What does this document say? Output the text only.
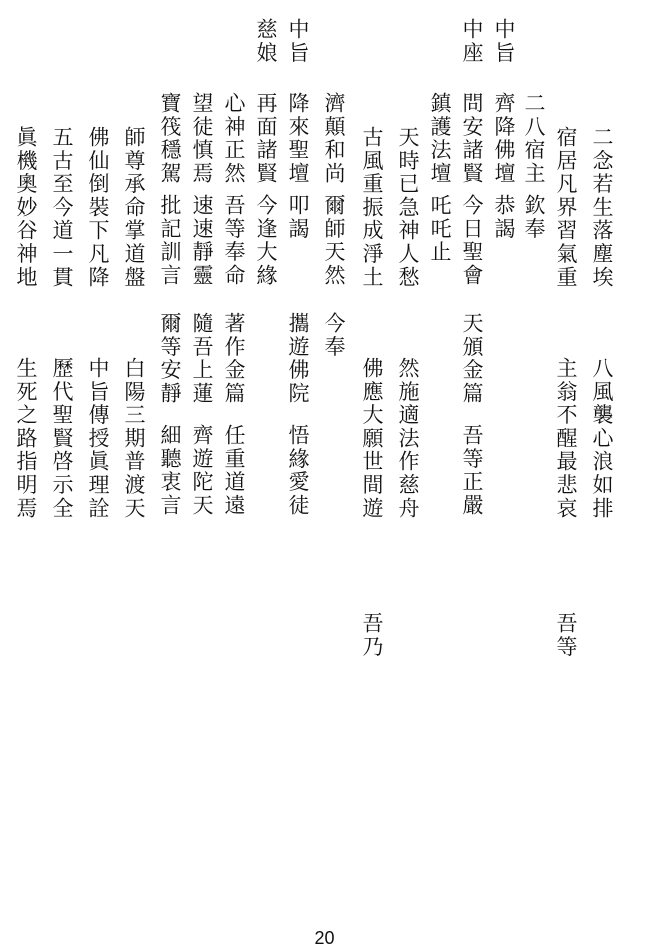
二念若生落塵埃
八風襲心浪如排
宿居凡界習氣重
主翁不醒最悲哀
吾等
中旨
二八宿主
欽奉
中座
齊降佛壇
恭謁
問安諸賢
今日聖會
天頒金篇
吾等正嚴
鎮護法壇
吒吒止
天時已急神人愁
然施適法作慈舟
古風重振成淨土
佛應大願世間遊
吾乃
濟顛和尚
爾師天然
今奉
中旨
降來聖壇
叩謁
攜遊佛院
悟緣愛徒
慈娘
再面諸賢
今逢大緣
心神正然
吾等奉命
著作金篇
任重道遠
望徒慎焉
速速靜靈
隨吾上蓮
齊遊陀天
寶筏穩駕
批記訓言
爾等安靜
細聽衷言
師尊承命掌道盤
白陽三期普渡天
佛仙倒裝下凡降
中旨傳授眞理詮
五古至今道一貫
歷代聖賢啓示全
眞機奧妙谷神地
生死之路指明焉
20
